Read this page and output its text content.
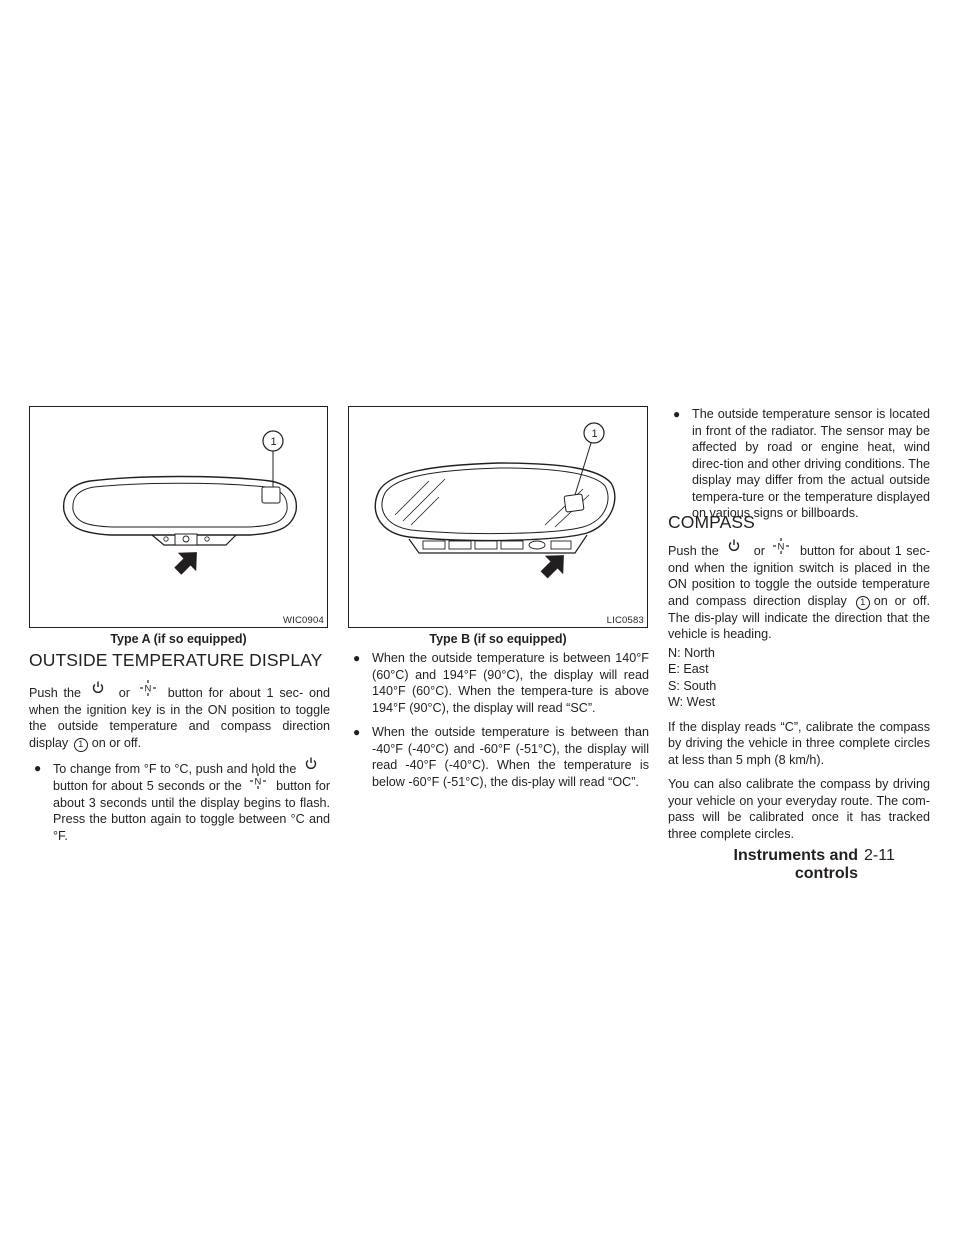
1
WIC0904
Type A (if so equipped)
1
LIC0583
Type B (if so equipped)
OUTSIDE TEMPERATURE DISPLAY
Push the	or N button for about 1 sec- ond when the ignition key is in the ON position to toggle the outside temperature and compass direction display 1 on or off.
● To change from °F to °C, push and hold the
button for about 5 seconds or the N button for about 3 seconds until the display begins to flash. Press the button again to toggle between °C and °F.
● When the outside temperature is between 140°F (60°C) and 194°F (90°C), the display will read 140°F (60°C). When the tempera-ture is above 194°F (90°C), the display will read “SC”.
● When the outside temperature is between than -40°F (-40°C) and -60°F (-51°C), the display will read -40°F (-40°C). When the temperature is below -60°F (-51°C), the dis-play will read “OC”.
● The outside temperature sensor is located in front of the radiator. The sensor may be affected by road or engine heat, wind direc-tion and other driving conditions. The display may differ from the actual outside tempera-ture or the temperature displayed on various signs or billboards.
COMPASS
Push the	or N button for about 1 sec- ond when the ignition switch is placed in the ON position to toggle the outside temperature and compass direction display 1 on or off. The dis-play will indicate the direction that the vehicle is heading.
N: North
E: East
S: South
W: West
If the display reads “C”, calibrate the compass by driving the vehicle in three complete circles at less than 5 mph (8 km/h).
You can also calibrate the compass by driving your vehicle on your everyday route. The com-pass will be calibrated once it has tracked three complete circles.
Instruments and controls
2-11
